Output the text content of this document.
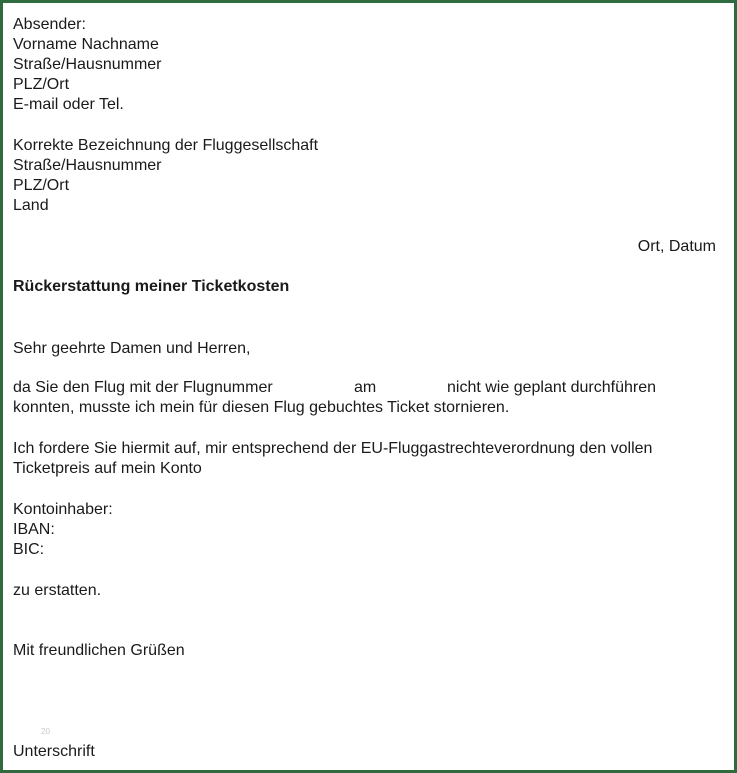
Absender:
Vorname Nachname
Straße/Hausnummer
PLZ/Ort
E-mail oder Tel.
Korrekte Bezeichnung der Fluggesellschaft
Straße/Hausnummer
PLZ/Ort
Land
Ort, Datum
Rückerstattung meiner Ticketkosten
Sehr geehrte Damen und Herren,
da Sie den Flug mit der Flugnummer	am	nicht wie geplant durchführen
konnten, musste ich mein für diesen Flug gebuchtes Ticket stornieren.
Ich fordere Sie hiermit auf, mir entsprechend der EU-Fluggastrechteverordnung den vollen
Ticketpreis auf mein Konto
Kontoinhaber:
IBAN:
BIC:
zu erstatten.
Mit freundlichen Grüßen
20
Unterschrift
